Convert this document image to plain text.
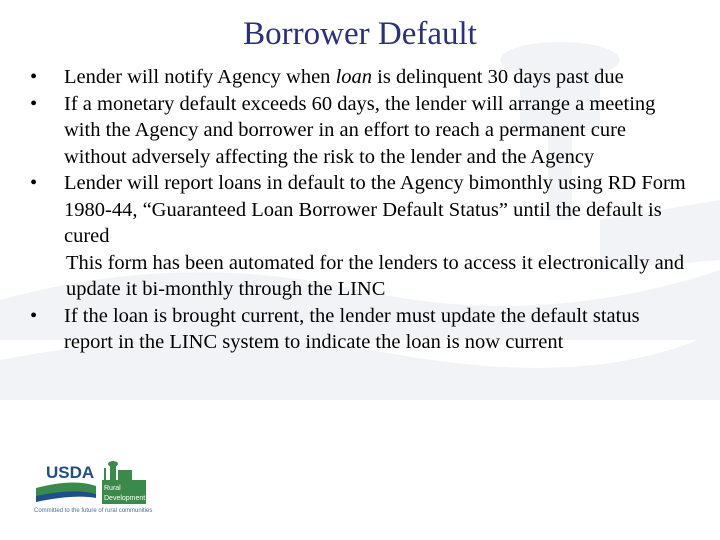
Borrower Default
•	Lender will notify Agency when loan is delinquent 30 days past due
•	If a monetary default exceeds 60 days, the lender will arrange a meeting with the Agency and borrower in an effort to reach a permanent cure without adversely affecting the risk to the lender and the Agency
•	Lender will report loans in default to the Agency bimonthly using RD Form 1980-44, “Guaranteed Loan Borrower Default Status” until the default is cured
This form has been automated for the lenders to access it electronically and update it bi-monthly through the LINC
•	If the loan is brought current, the lender must update the default status report in the LINC system to indicate the loan is now current
USDA
Rural
Development
Committed to the future of rural communities
